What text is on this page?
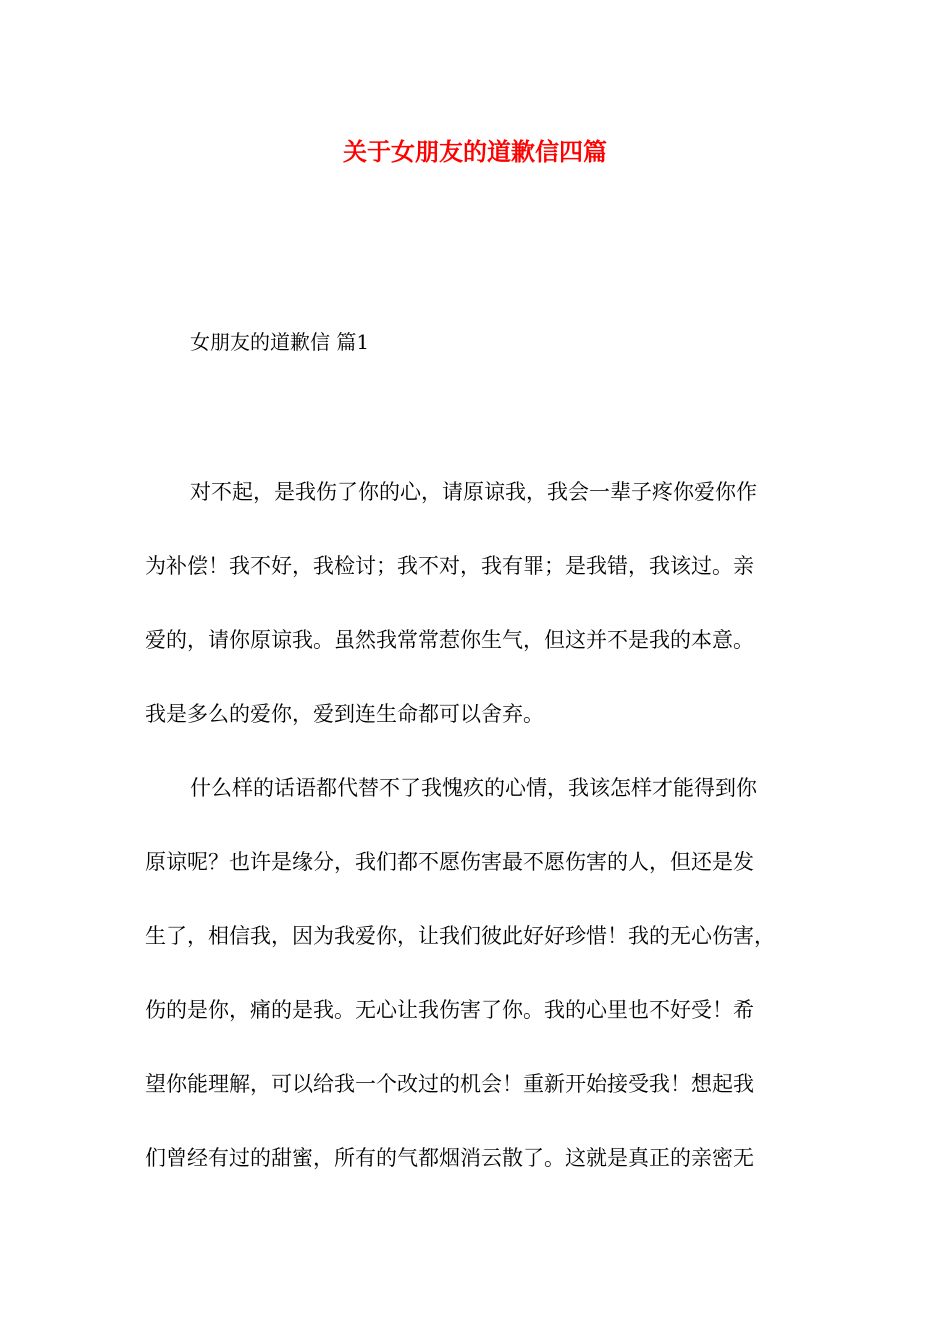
关于女朋友的道歉信四篇
女朋友的道歉信 篇1
对不起，是我伤了你的心，请原谅我，我会一辈子疼你爱你作
为补偿！我不好，我检讨；我不对，我有罪；是我错，我该过。亲
爱的，请你原谅我。虽然我常常惹你生气，但这并不是我的本意。
我是多么的爱你，爱到连生命都可以舍弃。
什么样的话语都代替不了我愧疚的心情，我该怎样才能得到你
原谅呢？也许是缘分，我们都不愿伤害最不愿伤害的人，但还是发
生了，相信我，因为我爱你，让我们彼此好好珍惜！我的无心伤害，
伤的是你，痛的是我。无心让我伤害了你。我的心里也不好受！希
望你能理解，可以给我一个改过的机会！重新开始接受我！想起我
们曾经有过的甜蜜，所有的气都烟消云散了。这就是真正的亲密无
